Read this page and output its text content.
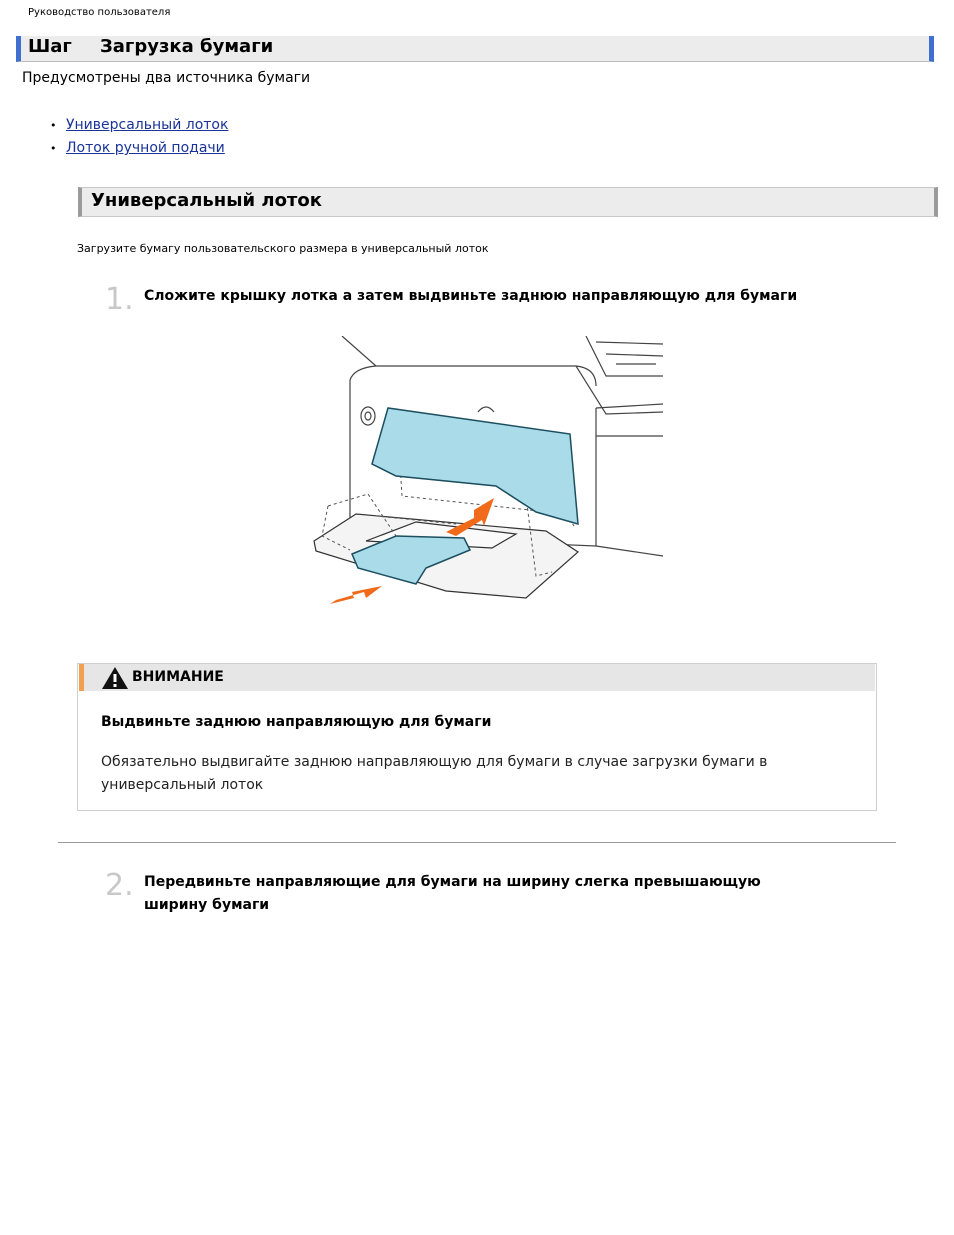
Руководство пользователя
Шаг Загрузка бумаги
Предусмотрены два источника бумаги
• Универсальный лоток
• Лоток ручной подачи
Универсальный лоток
Загрузите бумагу пользовательского размера в универсальный лоток
1. Сложите крышку лотка а затем выдвиньте заднюю направляющую для бумаги
ВНИМАНИЕ
Выдвиньте заднюю направляющую для бумаги
Обязательно выдвигайте заднюю направляющую для бумаги в случае загрузки бумаги в универсальный лоток
2. Передвиньте направляющие для бумаги на ширину слегка превышающую
ширину бумаги
